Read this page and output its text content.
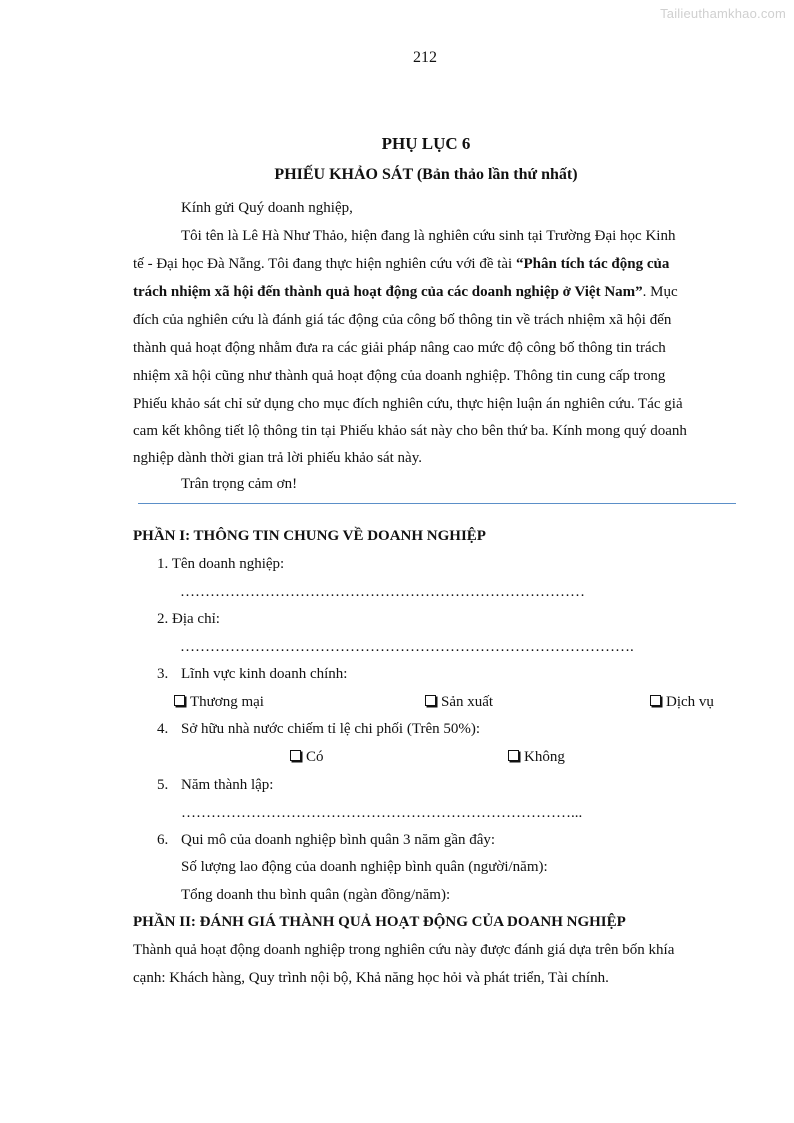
Tailieuthamkhao.com
212
PHỤ LỤC 6
PHIẾU KHẢO SÁT (Bản thảo lần thứ nhất)
Kính gửi Quý doanh nghiệp,
Tôi tên là Lê Hà Như Thảo, hiện đang là nghiên cứu sinh tại Trường Đại học Kinh
tế - Đại học Đà Nẵng. Tôi đang thực hiện nghiên cứu với đề tài “Phân tích tác động của
trách nhiệm xã hội đến thành quả hoạt động của các doanh nghiệp ở Việt Nam”. Mục
đích của nghiên cứu là đánh giá tác động của công bố thông tin về trách nhiệm xã hội đến
thành quả hoạt động nhằm đưa ra các giải pháp nâng cao mức độ công bố thông tin trách
nhiệm xã hội cũng như thành quả hoạt động của doanh nghiệp. Thông tin cung cấp trong
Phiếu khảo sát chỉ sử dụng cho mục đích nghiên cứu, thực hiện luận án nghiên cứu. Tác giả
cam kết không tiết lộ thông tin tại Phiếu khảo sát này cho bên thứ ba. Kính mong quý doanh
nghiệp dành thời gian trả lời phiếu khảo sát này.
Trân trọng cảm ơn!
PHẦN I: THÔNG TIN CHUNG VỀ DOANH NGHIỆP
1. Tên doanh nghiệp:
………………………………………………………………………
2. Địa chỉ:
……………………………………………………………………………….
3. Lĩnh vực kinh doanh chính:
Thương mại	Sản xuất	Dịch vụ
4. Sở hữu nhà nước chiếm tỉ lệ chi phối (Trên 50%):
Có	Không
5. Năm thành lập:
……………………………………………………………………...
6. Qui mô của doanh nghiệp bình quân 3 năm gần đây:
Số lượng lao động của doanh nghiệp bình quân (người/năm):
Tổng doanh thu bình quân (ngàn đồng/năm):
PHẦN II: ĐÁNH GIÁ THÀNH QUẢ HOẠT ĐỘNG CỦA DOANH NGHIỆP
Thành quả hoạt động doanh nghiệp trong nghiên cứu này được đánh giá dựa trên bốn khía
cạnh: Khách hàng, Quy trình nội bộ, Khả năng học hỏi và phát triển, Tài chính.
